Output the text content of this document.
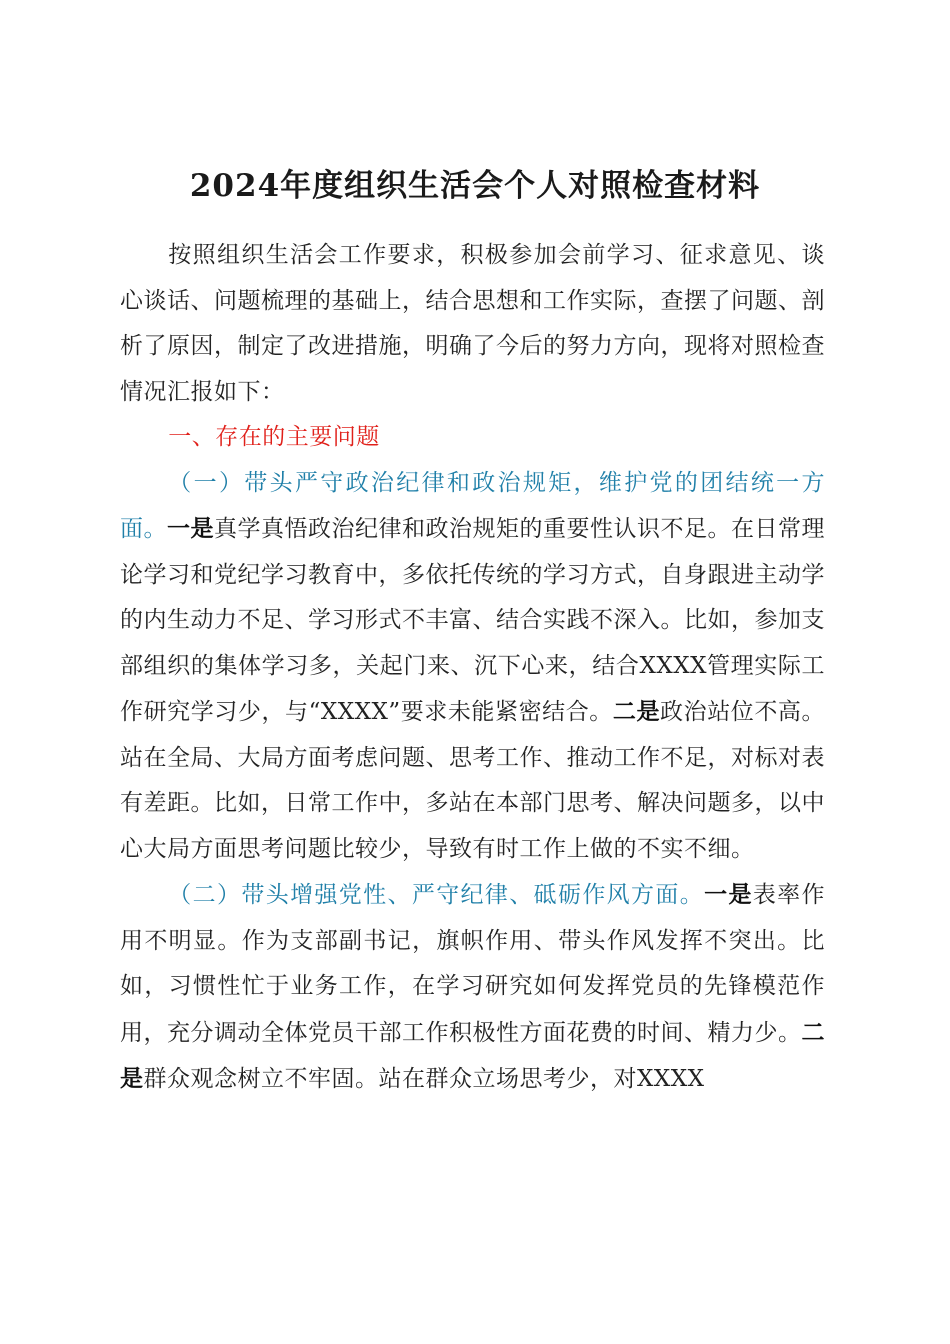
2024年度组织生活会个人对照检查材料

按照组织生活会工作要求，积极参加会前学习、征求意见、谈心谈话、问题梳理的基础上，结合思想和工作实际，查摆了问题、剖析了原因，制定了改进措施，明确了今后的努力方向，现将对照检查情况汇报如下：

一、存在的主要问题

（一）带头严守政治纪律和政治规矩，维护党的团结统一方面。一是真学真悟政治纪律和政治规矩的重要性认识不足。在日常理论学习和党纪学习教育中，多依托传统的学习方式，自身跟进主动学的内生动力不足、学习形式不丰富、结合实践不深入。比如，参加支部组织的集体学习多，关起门来、沉下心来，结合XXXX管理实际工作研究学习少，与“XXXX”要求未能紧密结合。二是政治站位不高。站在全局、大局方面考虑问题、思考工作、推动工作不足，对标对表有差距。比如，日常工作中，多站在本部门思考、解决问题多，以中心大局方面思考问题比较少，导致有时工作上做的不实不细。

（二）带头增强党性、严守纪律、砥砺作风方面。一是表率作用不明显。作为支部副书记，旗帜作用、带头作风发挥不突出。比如，习惯性忙于业务工作，在学习研究如何发挥党员的先锋模范作用，充分调动全体党员干部工作积极性方面花费的时间、精力少。二是群众观念树立不牢固。站在群众立场思考少，对XXXX
